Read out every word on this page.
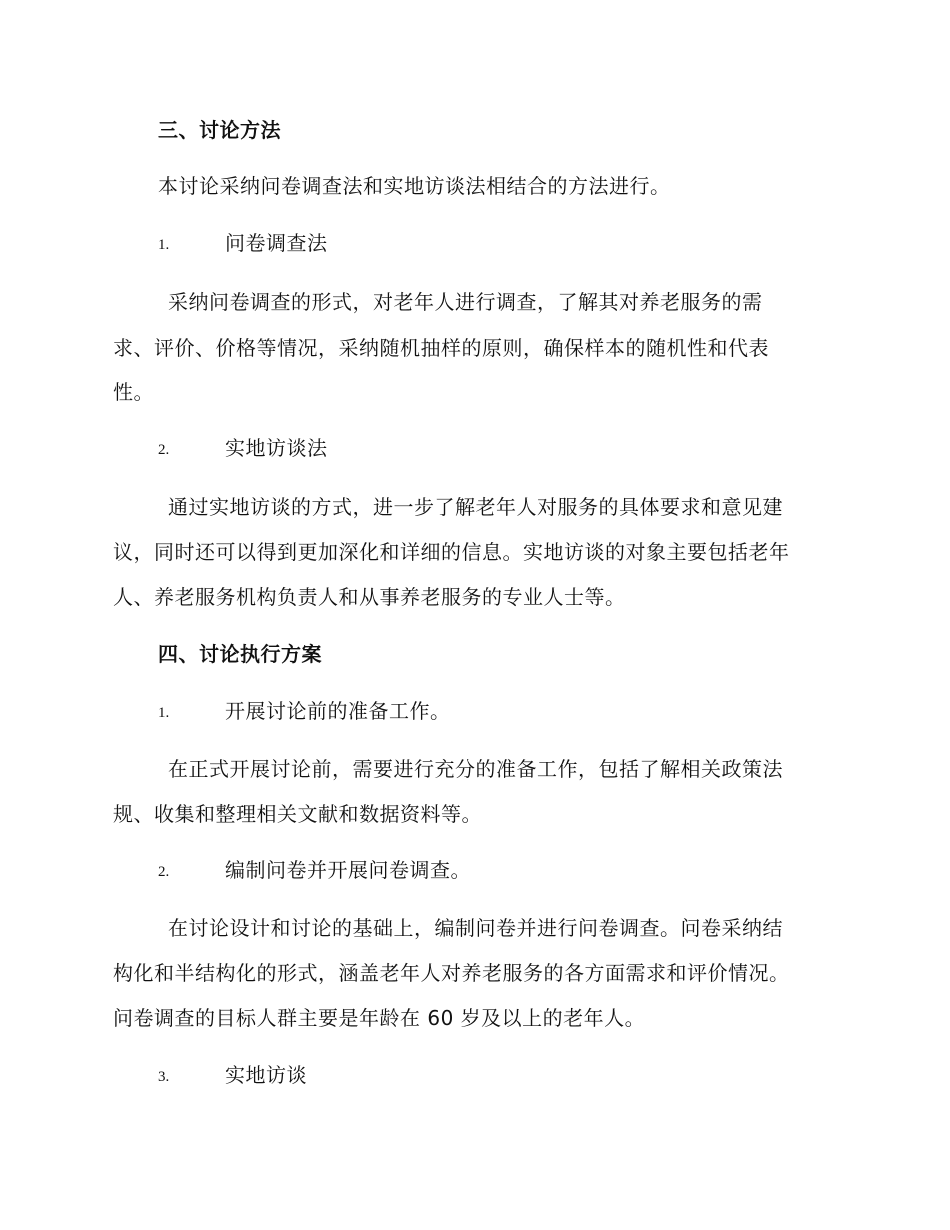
三、讨论方法
本讨论采纳问卷调查法和实地访谈法相结合的方法进行。
1.	问卷调查法
采纳问卷调查的形式，对老年人进行调查，了解其对养老服务的需
求、评价、价格等情况，采纳随机抽样的原则，确保样本的随机性和代表
性。
2.	实地访谈法
通过实地访谈的方式，进一步了解老年人对服务的具体要求和意见建
议，同时还可以得到更加深化和详细的信息。实地访谈的对象主要包括老年
人、养老服务机构负责人和从事养老服务的专业人士等。
四、讨论执行方案
1.	开展讨论前的准备工作。
在正式开展讨论前，需要进行充分的准备工作，包括了解相关政策法
规、收集和整理相关文献和数据资料等。
2.	编制问卷并开展问卷调查。
在讨论设计和讨论的基础上，编制问卷并进行问卷调查。问卷采纳结
构化和半结构化的形式，涵盖老年人对养老服务的各方面需求和评价情况。
问卷调查的目标人群主要是年龄在 60 岁及以上的老年人。
3.	实地访谈
